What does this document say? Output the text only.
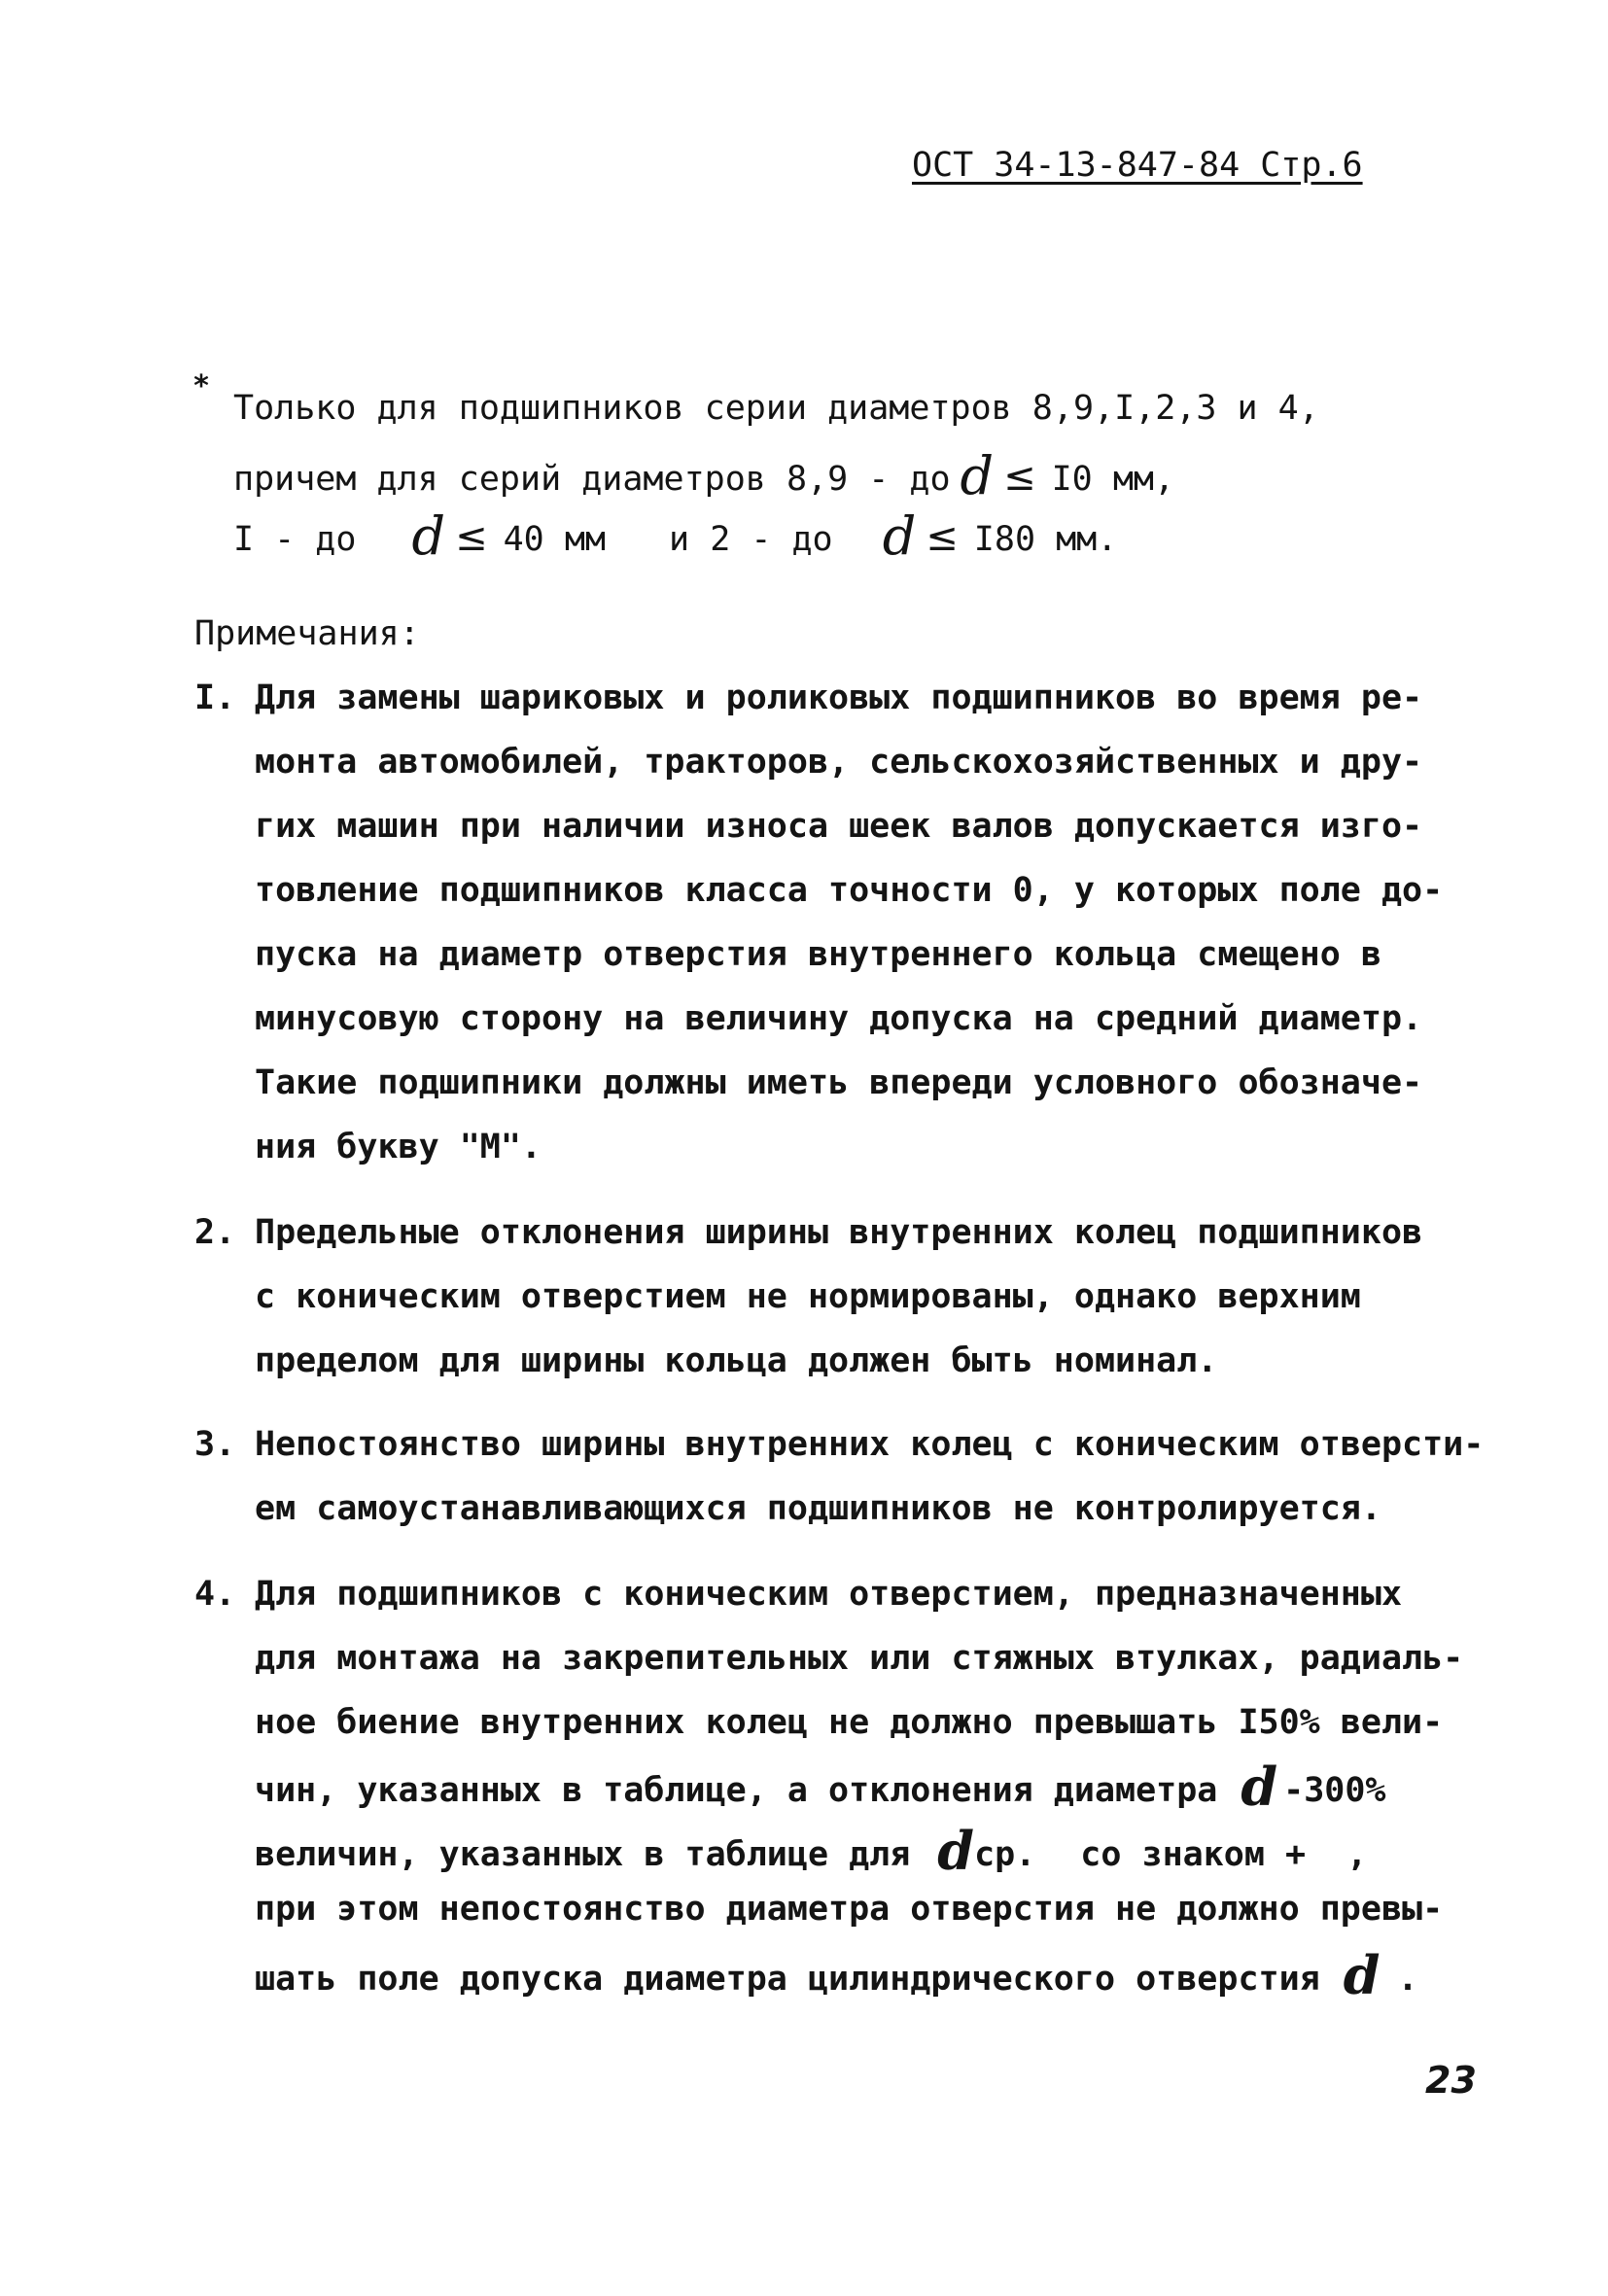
ОСТ 34-13-847-84 Стр.6
*
Только для подшипников серии диаметров 8,9,I,2,3 и 4,
причем для серий диаметров 8,9 - до d ≤ I0 мм,
I - до d ≤ 40 мм и 2 - до d ≤ I80 мм.
Примечания:
I. Для замены шариковых и роликовых подшипников во время ре-
монта автомобилей, тракторов, сельскохозяйственных и дру-
гих машин при наличии износа шеек валов допускается изго-
товление подшипников класса точности 0, у которых поле до-
пуска на диаметр отверстия внутреннего кольца смещено в
минусовую сторону на величину допуска на средний диаметр.
Такие подшипники должны иметь впереди условного обозначе-
ния букву "М".
2. Предельные отклонения ширины внутренних колец подшипников
с коническим отверстием не нормированы, однако верхним
пределом для ширины кольца должен быть номинал.
3. Непостоянство ширины внутренних колец с коническим отверсти-
ем самоустанавливающихся подшипников не контролируется.
4. Для подшипников с коническим отверстием, предназначенных
для монтажа на закрепительных или стяжных втулках, радиаль-
ное биение внутренних колец не должно превышать I50% вели-
чин, указанных в таблице, а отклонения диаметра d -300%
величин, указанных в таблице для dср. со знаком +  ,
при этом непостоянство диаметра отверстия не должно превы-
шать поле допуска диаметра цилиндрического отверстия d .
23
